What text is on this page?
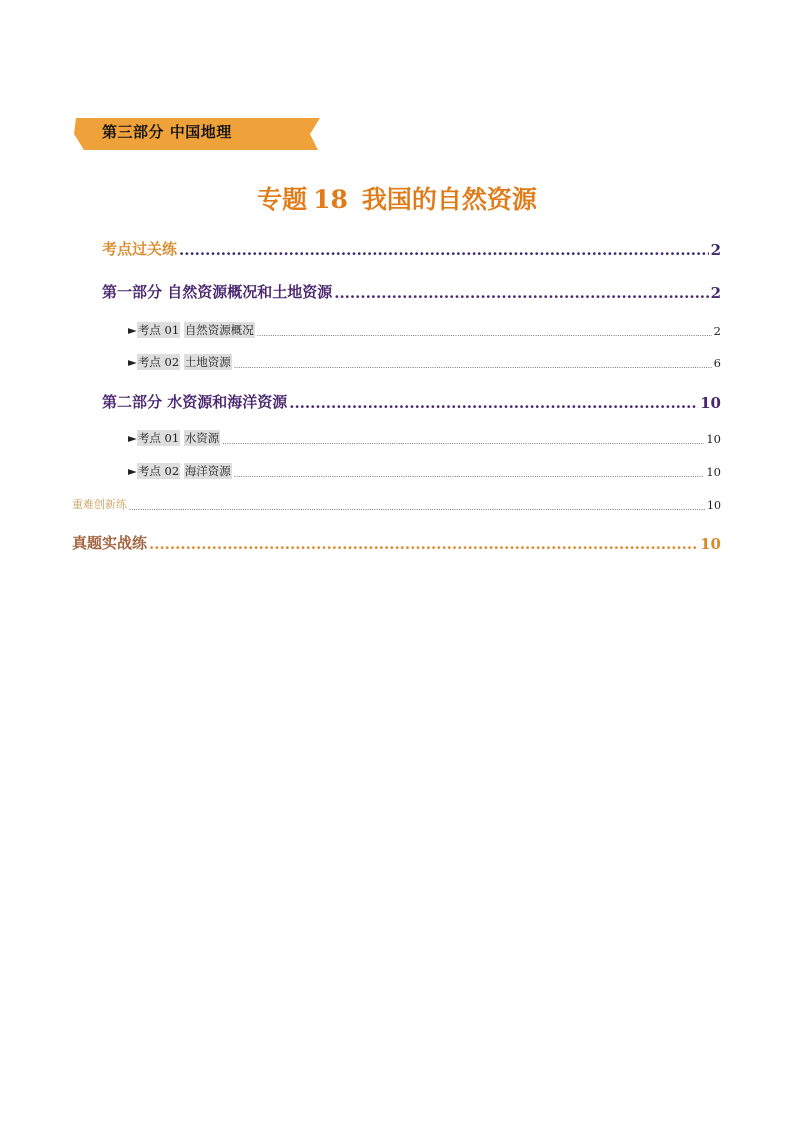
第三部分 中国地理
专题 18 我国的自然资源
考点过关练 .....	2
第一部分 自然资源概况和土地资源 .....	2
►考点 01 自然资源概况 .....	2
►考点 02 土地资源 .....	6
第二部分 水资源和海洋资源 .....	10
►考点 01 水资源 .....	10
►考点 02 海洋资源 .....	10
重难创新练 .....	10
真题实战练 .....	10
